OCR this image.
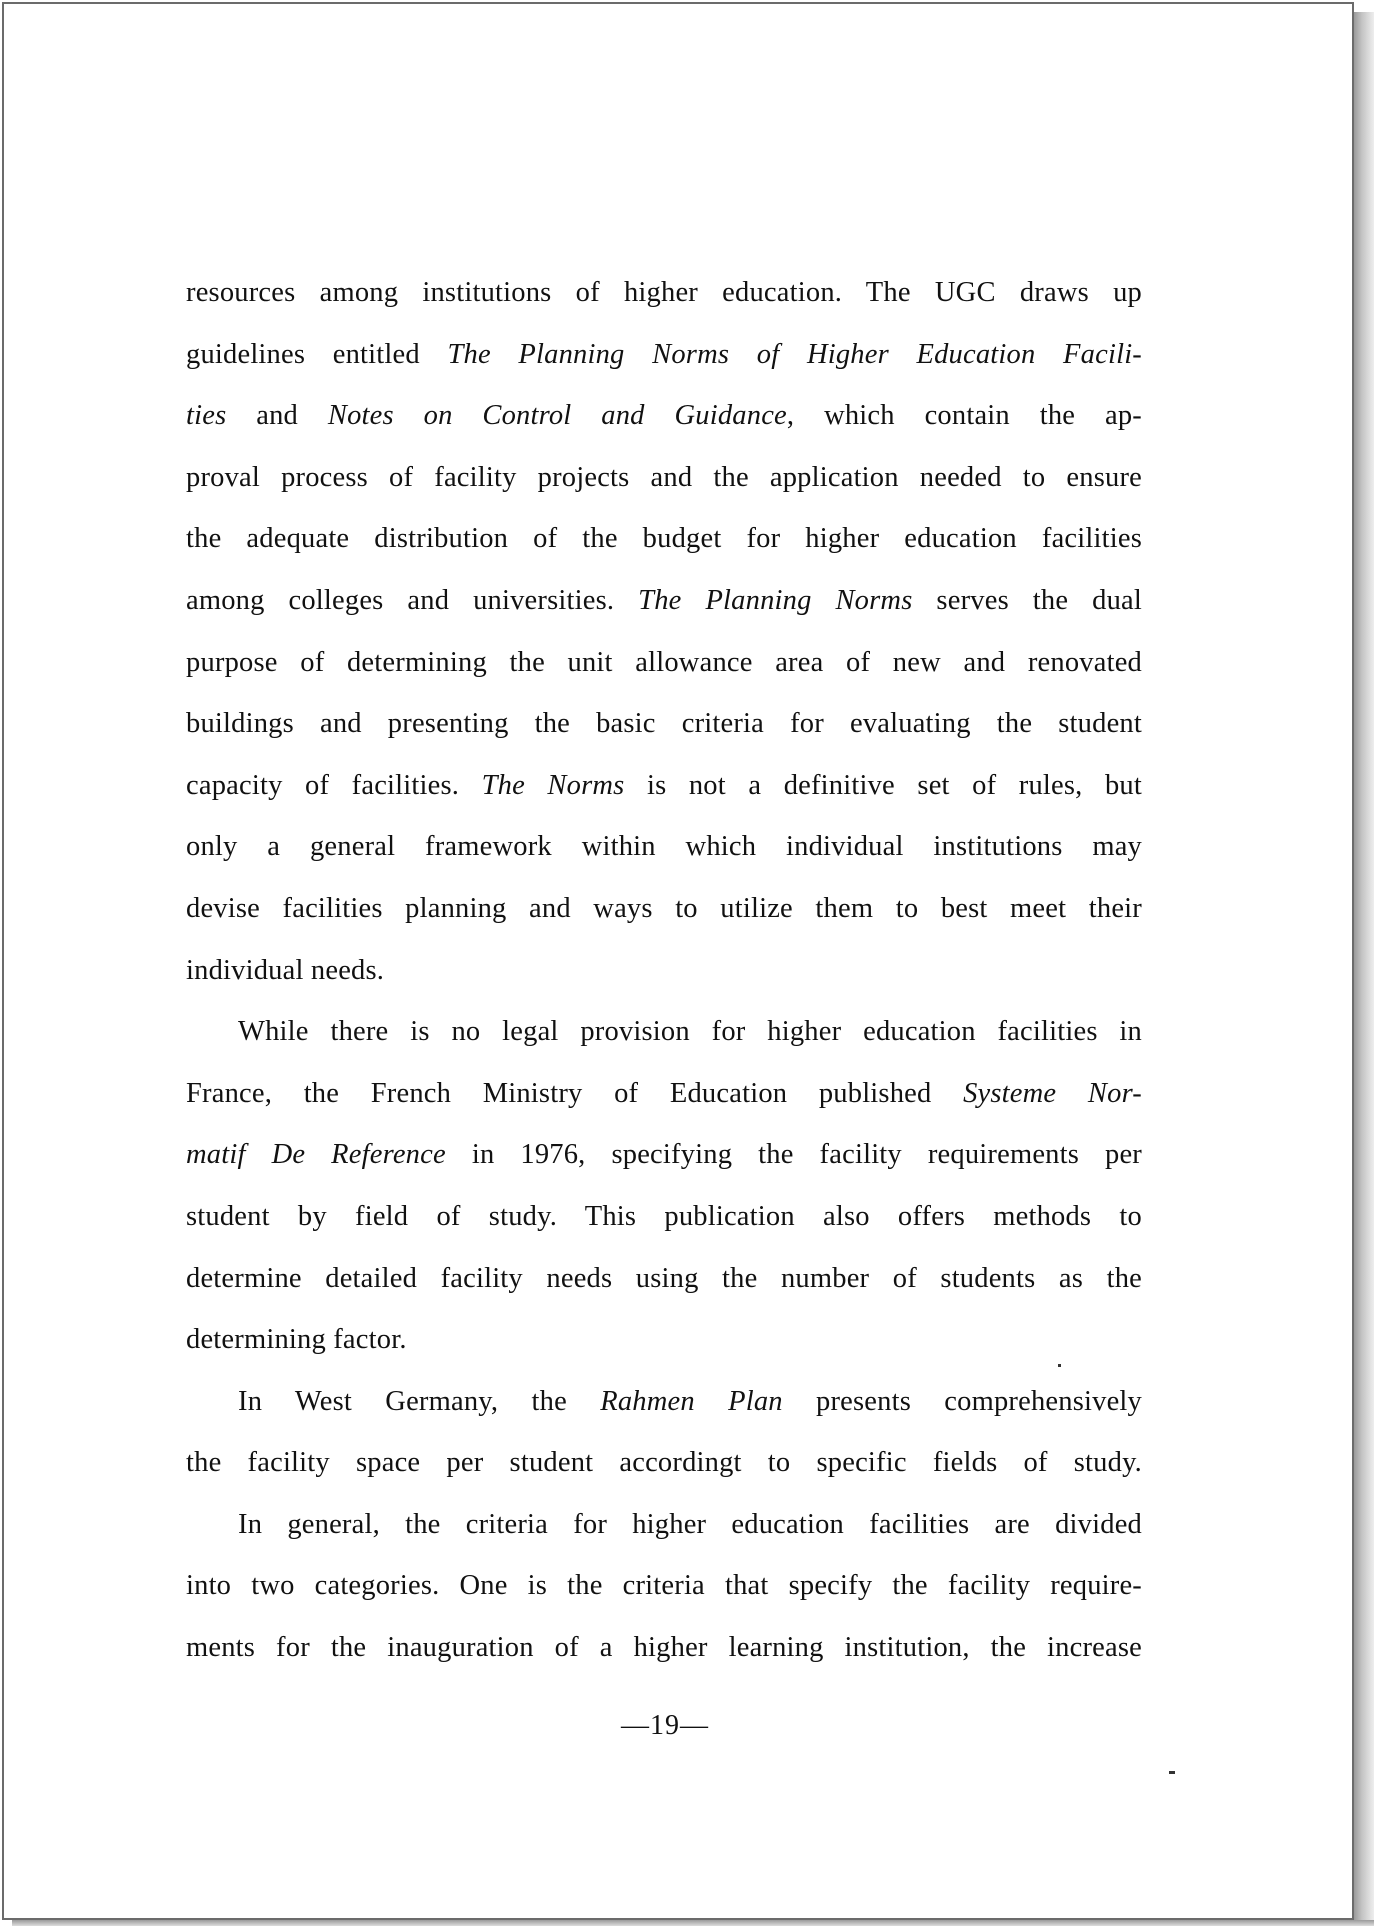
resources among institutions of higher education. The UGC draws up
guidelines entitled The Planning Norms of Higher Education Facili-
ties and Notes on Control and Guidance, which contain the ap-
proval process of facility projects and the application needed to ensure
the adequate distribution of the budget for higher education facilities
among colleges and universities. The Planning Norms serves the dual
purpose of determining the unit allowance area of new and renovated
buildings and presenting the basic criteria for evaluating the student
capacity of facilities. The Norms is not a definitive set of rules, but
only a general framework within which individual institutions may
devise facilities planning and ways to utilize them to best meet their
individual needs.
While there is no legal provision for higher education facilities in
France, the French Ministry of Education published Systeme Nor-
matif De Reference in 1976, specifying the facility requirements per
student by field of study. This publication also offers methods to
determine detailed facility needs using the number of students as the
determining factor.
In West Germany, the Rahmen Plan presents comprehensively
the facility space per student accordingt to specific fields of study.
In general, the criteria for higher education facilities are divided
into two categories. One is the criteria that specify the facility require-
ments for the inauguration of a higher learning institution, the increase
—19—
